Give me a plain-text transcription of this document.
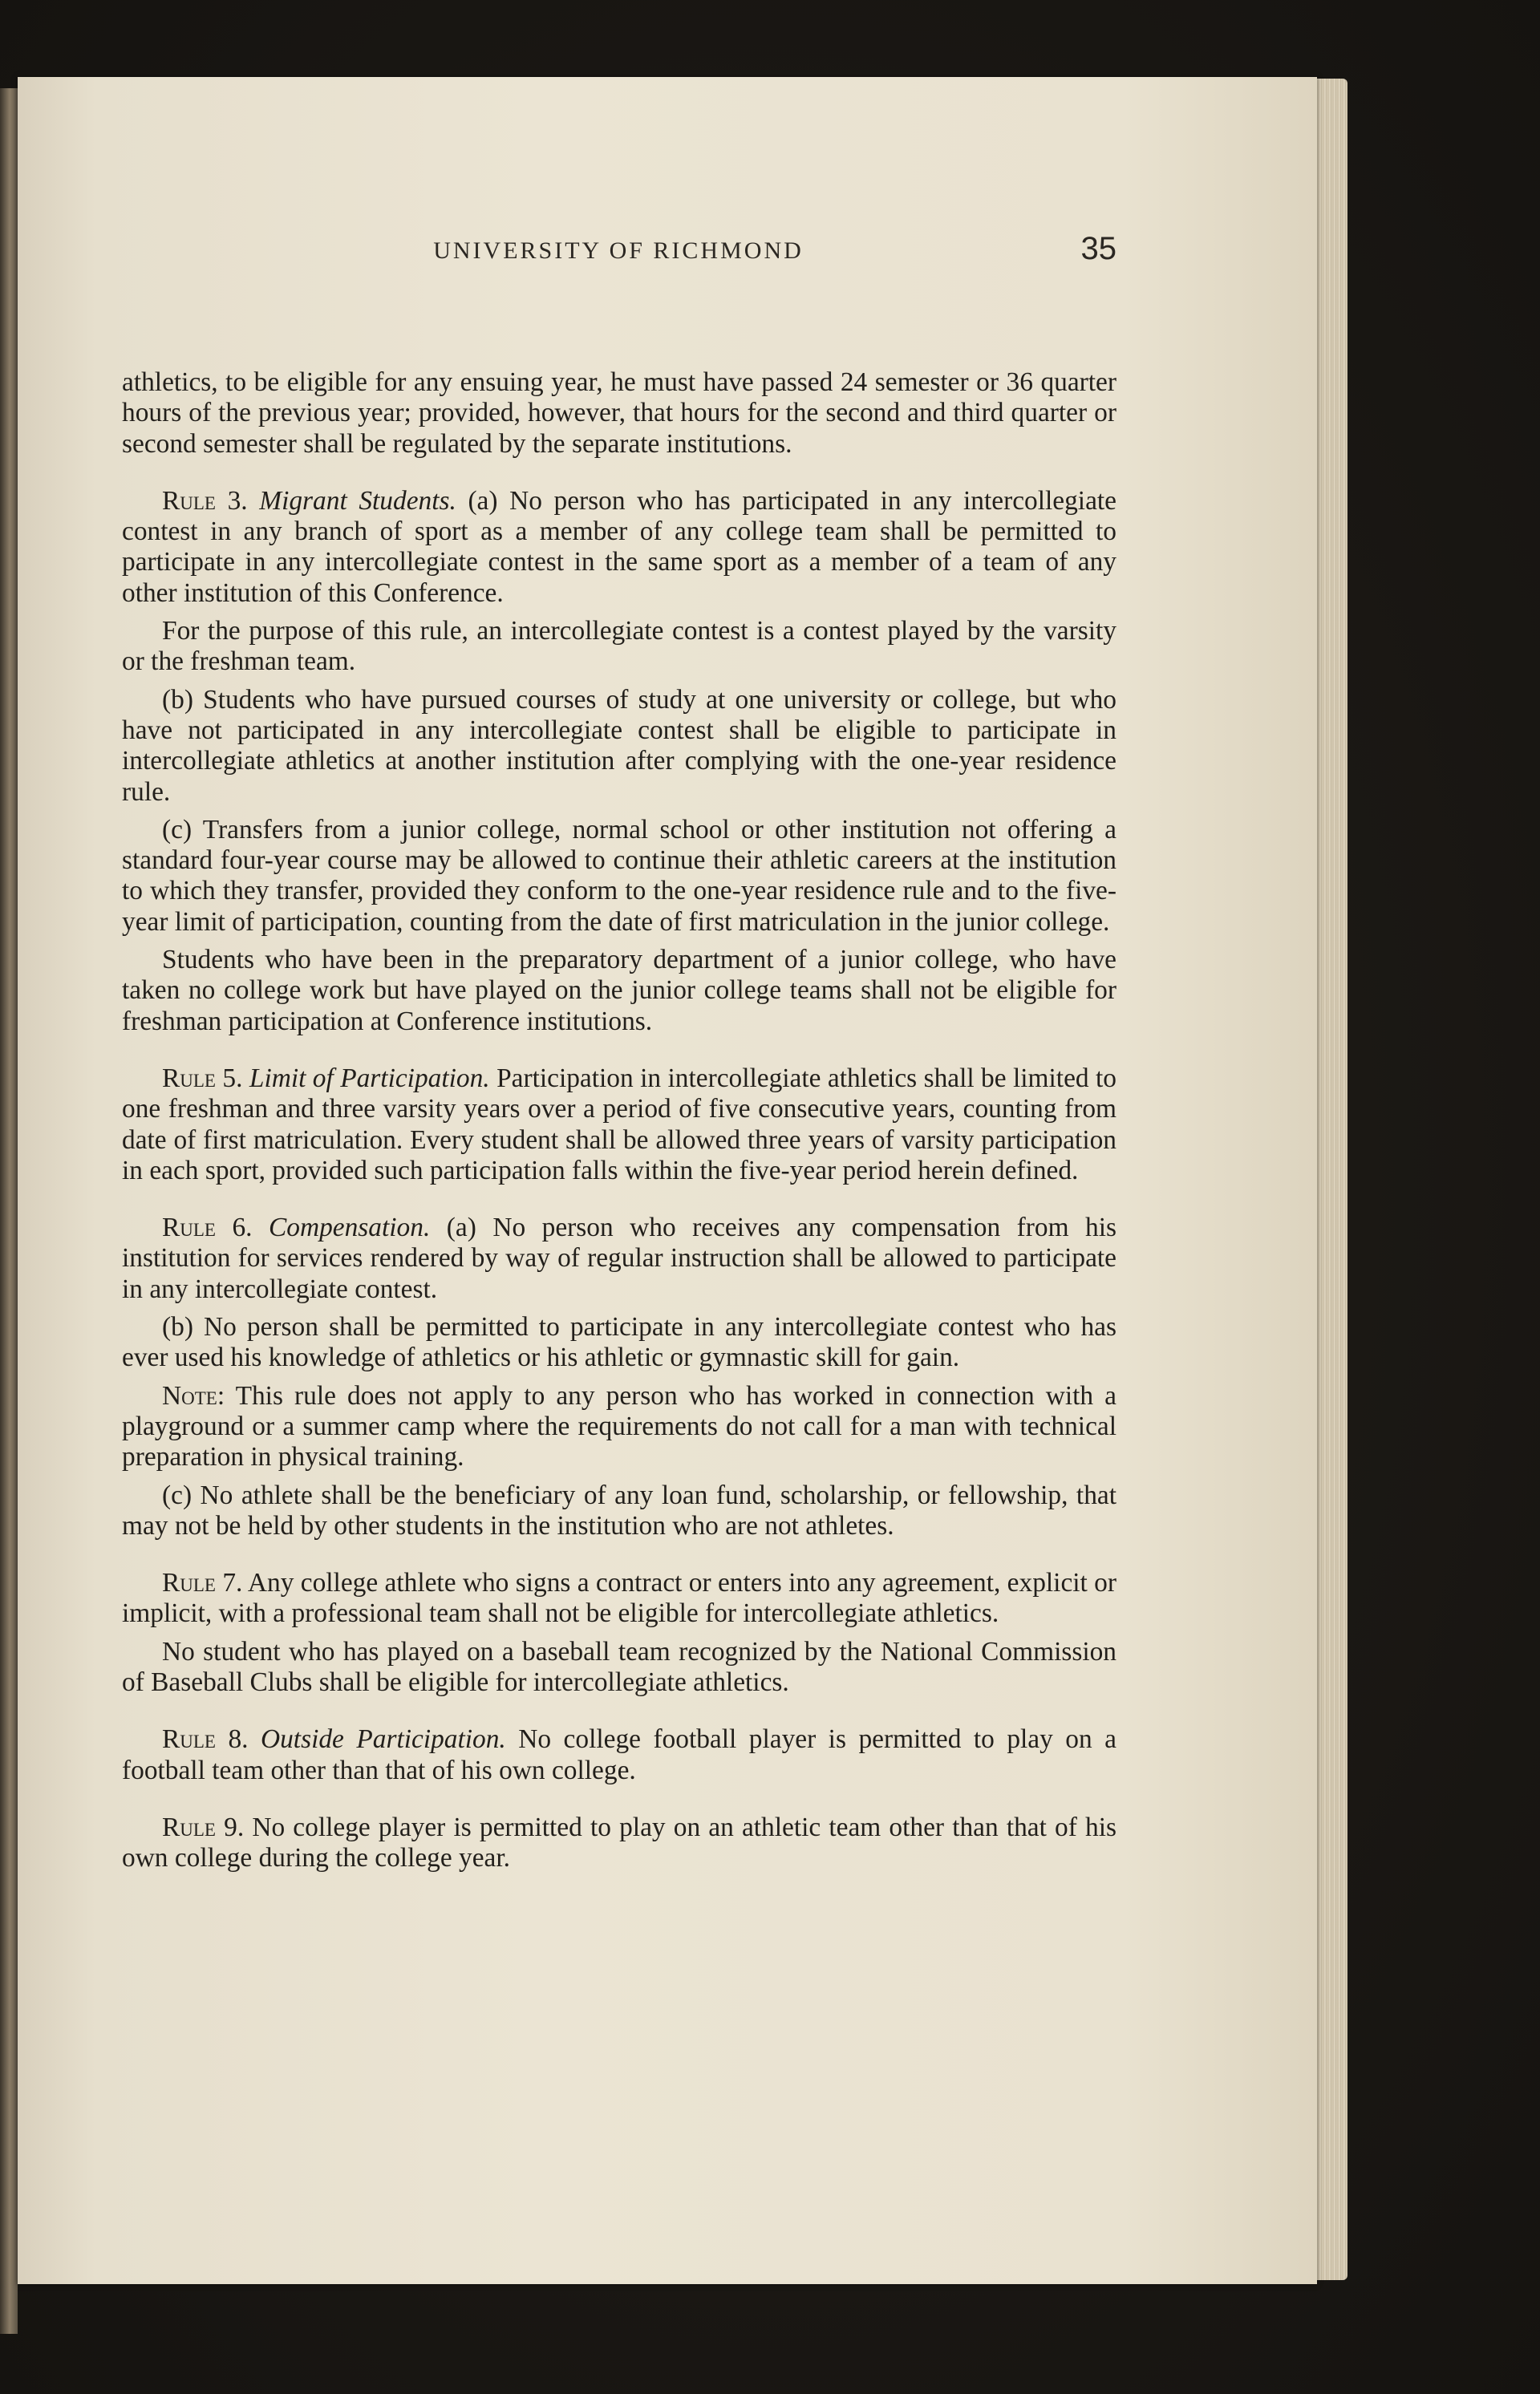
UNIVERSITY OF RICHMOND	35

athletics, to be eligible for any ensuing year, he must have passed 24 semester or 36 quarter hours of the previous year; provided, however, that hours for the second and third quarter or second semester shall be regulated by the separate institutions.

Rule 3. Migrant Students. (a) No person who has participated in any intercollegiate contest in any branch of sport as a member of any college team shall be permitted to participate in any intercollegiate contest in the same sport as a member of a team of any other institution of this Conference.

For the purpose of this rule, an intercollegiate contest is a contest played by the varsity or the freshman team.

(b) Students who have pursued courses of study at one university or college, but who have not participated in any intercollegiate contest shall be eligible to participate in intercollegiate athletics at another institution after complying with the one-year residence rule.

(c) Transfers from a junior college, normal school or other institution not offering a standard four-year course may be allowed to continue their athletic careers at the institution to which they transfer, provided they conform to the one-year residence rule and to the five-year limit of participation, counting from the date of first matriculation in the junior college.

Students who have been in the preparatory department of a junior college, who have taken no college work but have played on the junior college teams shall not be eligible for freshman participation at Conference institutions.

Rule 5. Limit of Participation. Participation in intercollegiate athletics shall be limited to one freshman and three varsity years over a period of five consecutive years, counting from date of first matriculation. Every student shall be allowed three years of varsity participation in each sport, provided such participation falls within the five-year period herein defined.

Rule 6. Compensation. (a) No person who receives any compensation from his institution for services rendered by way of regular instruction shall be allowed to participate in any intercollegiate contest.

(b) No person shall be permitted to participate in any intercollegiate contest who has ever used his knowledge of athletics or his athletic or gymnastic skill for gain.

Note: This rule does not apply to any person who has worked in connection with a playground or a summer camp where the requirements do not call for a man with technical preparation in physical training.

(c) No athlete shall be the beneficiary of any loan fund, scholarship, or fellowship, that may not be held by other students in the institution who are not athletes.

Rule 7. Any college athlete who signs a contract or enters into any agreement, explicit or implicit, with a professional team shall not be eligible for intercollegiate athletics.

No student who has played on a baseball team recognized by the National Commission of Baseball Clubs shall be eligible for intercollegiate athletics.

Rule 8. Outside Participation. No college football player is permitted to play on a football team other than that of his own college.

Rule 9. No college player is permitted to play on an athletic team other than that of his own college during the college year.
